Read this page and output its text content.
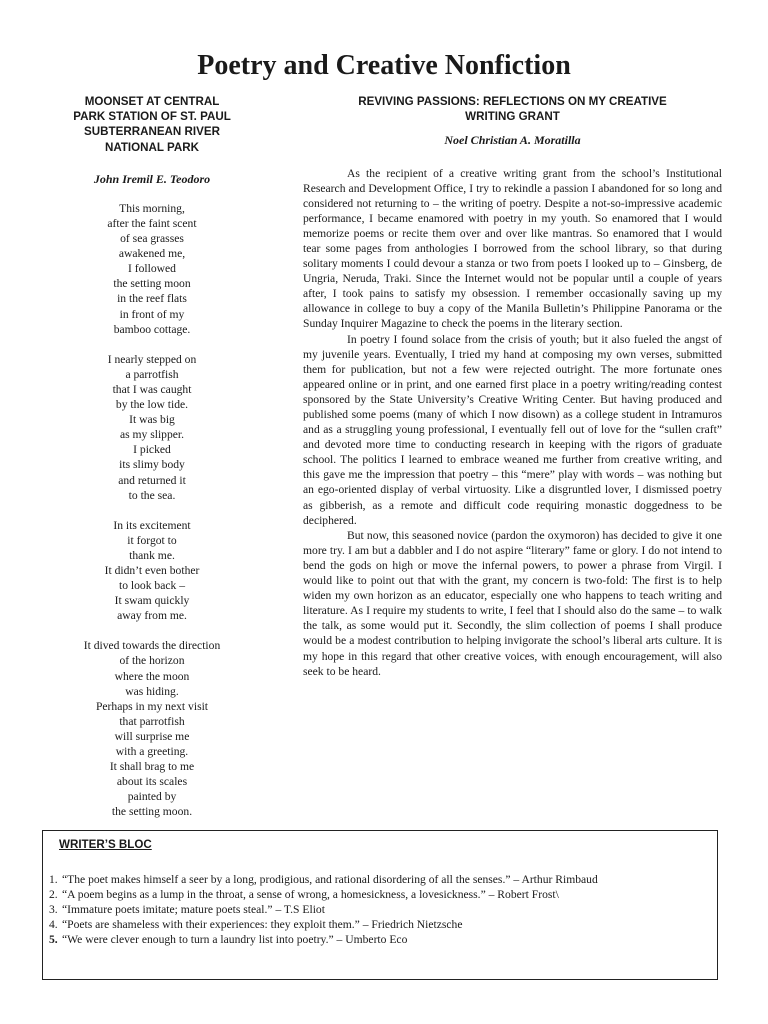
Poetry and Creative Nonfiction
MOONSET AT CENTRAL
PARK STATION OF ST. PAUL
SUBTERRANEAN RIVER
NATIONAL PARK
John Iremil E. Teodoro
This morning,
after the faint scent
of sea grasses
awakened me,
I followed
the setting moon
in the reef flats
in front of my
bamboo cottage.
I nearly stepped on
a parrotfish
that I was caught
by the low tide.
It was big
as my slipper.
I picked
its slimy body
and returned it
to the sea.
In its excitement
it forgot to
thank me.
It didn’t even bother
to look back –
It swam quickly
away from me.
It dived towards the direction
of the horizon
where the moon
was hiding.
Perhaps in my next visit
that parrotfish
will surprise me
with a greeting.
It shall brag to me
about its scales
painted by
the setting moon.
REVIVING PASSIONS: REFLECTIONS ON MY CREATIVE
WRITING GRANT
Noel Christian A. Moratilla

As the recipient of a creative writing grant from the school’s Institutional Research and Development Office, I try to rekindle a passion I abandoned for so long and considered not returning to – the writing of poetry. Despite a not-so-impressive academic performance, I became enamored with poetry in my youth. So enamored that I would memorize poems or recite them over and over like mantras. So enamored that I would tear some pages from anthologies I borrowed from the school library, so that during solitary moments I could devour a stanza or two from poets I looked up to – Ginsberg, de Ungria, Neruda, Traki. Since the Internet would not be popular until a couple of years after, I took pains to satisfy my obsession. I remember occasionally saving up my allowance in college to buy a copy of the Manila Bulletin’s Philippine Panorama or the Sunday Inquirer Magazine to check the poems in the literary section.

In poetry I found solace from the crisis of youth; but it also fueled the angst of my juvenile years. Eventually, I tried my hand at composing my own verses, submitted them for publication, but not a few were rejected outright. The more fortunate ones appeared online or in print, and one earned first place in a poetry writing/reading contest sponsored by the State University’s Creative Writing Center. But having produced and published some poems (many of which I now disown) as a college student in Intramuros and as a struggling young professional, I eventually fell out of love for the “sullen craft” and devoted more time to conducting research in keeping with the rigors of graduate school. The politics I learned to embrace weaned me further from creative writing, and this gave me the impression that poetry – this “mere” play with words – was nothing but an ego-oriented display of verbal virtuosity. Like a disgruntled lover, I dismissed poetry as gibberish, as a remote and difficult code requiring monastic doggedness to be deciphered.

But now, this seasoned novice (pardon the oxymoron) has decided to give it one more try. I am but a dabbler and I do not aspire “literary” fame or glory. I do not intend to bend the gods on high or move the infernal powers, to power a phrase from Virgil. I would like to point out that with the grant, my concern is two-fold: The first is to help widen my own horizon as an educator, especially one who happens to teach writing and literature. As I require my students to write, I feel that I should also do the same – to walk the talk, as some would put it. Secondly, the slim collection of poems I shall produce would be a modest contribution to helping invigorate the school’s liberal arts culture. It is my hope in this regard that other creative voices, with enough encouragement, will also seek to be heard.

WRITER’S BLOC
1. “The poet makes himself a seer by a long, prodigious, and rational disordering of all the senses.” – Arthur Rimbaud
2. “A poem begins as a lump in the throat, a sense of wrong, a homesickness, a lovesickness.” – Robert Frost\
3. “Immature poets imitate; mature poets steal.” – T.S Eliot
4. “Poets are shameless with their experiences: they exploit them.” – Friedrich Nietzsche
5. “We were clever enough to turn a laundry list into poetry.” – Umberto Eco
